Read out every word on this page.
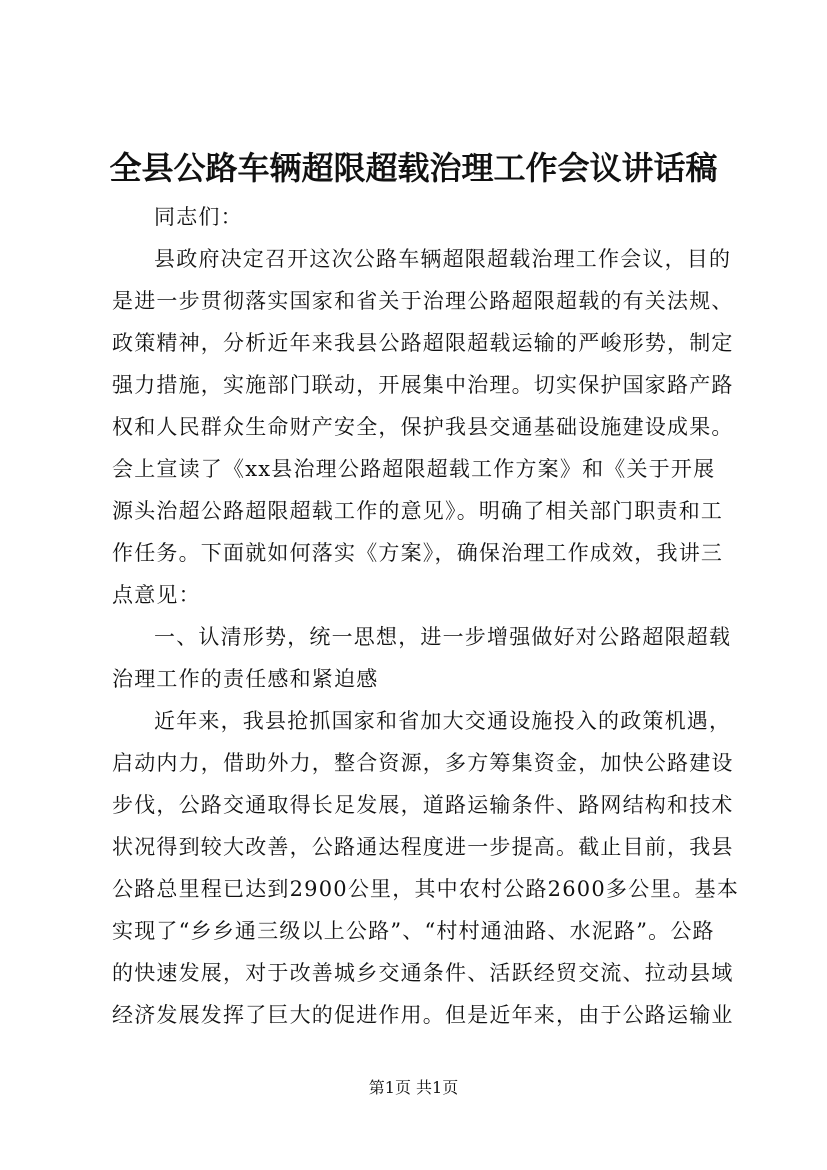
全县公路车辆超限超载治理工作会议讲话稿
同志们：
县政府决定召开这次公路车辆超限超载治理工作会议，目的
是进一步贯彻落实国家和省关于治理公路超限超载的有关法规、
政策精神，分析近年来我县公路超限超载运输的严峻形势，制定
强力措施，实施部门联动，开展集中治理。切实保护国家路产路
权和人民群众生命财产安全，保护我县交通基础设施建设成果。
会上宣读了《xx县治理公路超限超载工作方案》和《关于开展
源头治超公路超限超载工作的意见》。明确了相关部门职责和工
作任务。下面就如何落实《方案》，确保治理工作成效，我讲三
点意见：
一、认清形势，统一思想，进一步增强做好对公路超限超载
治理工作的责任感和紧迫感
近年来，我县抢抓国家和省加大交通设施投入的政策机遇，
启动内力，借助外力，整合资源，多方筹集资金，加快公路建设
步伐，公路交通取得长足发展，道路运输条件、路网结构和技术
状况得到较大改善，公路通达程度进一步提高。截止目前，我县
公路总里程已达到2900公里，其中农村公路2600多公里。基本
实现了“乡乡通三级以上公路”、“村村通油路、水泥路”。公路
的快速发展，对于改善城乡交通条件、活跃经贸交流、拉动县域
经济发展发挥了巨大的促进作用。但是近年来，由于公路运输业
第1页 共1页
